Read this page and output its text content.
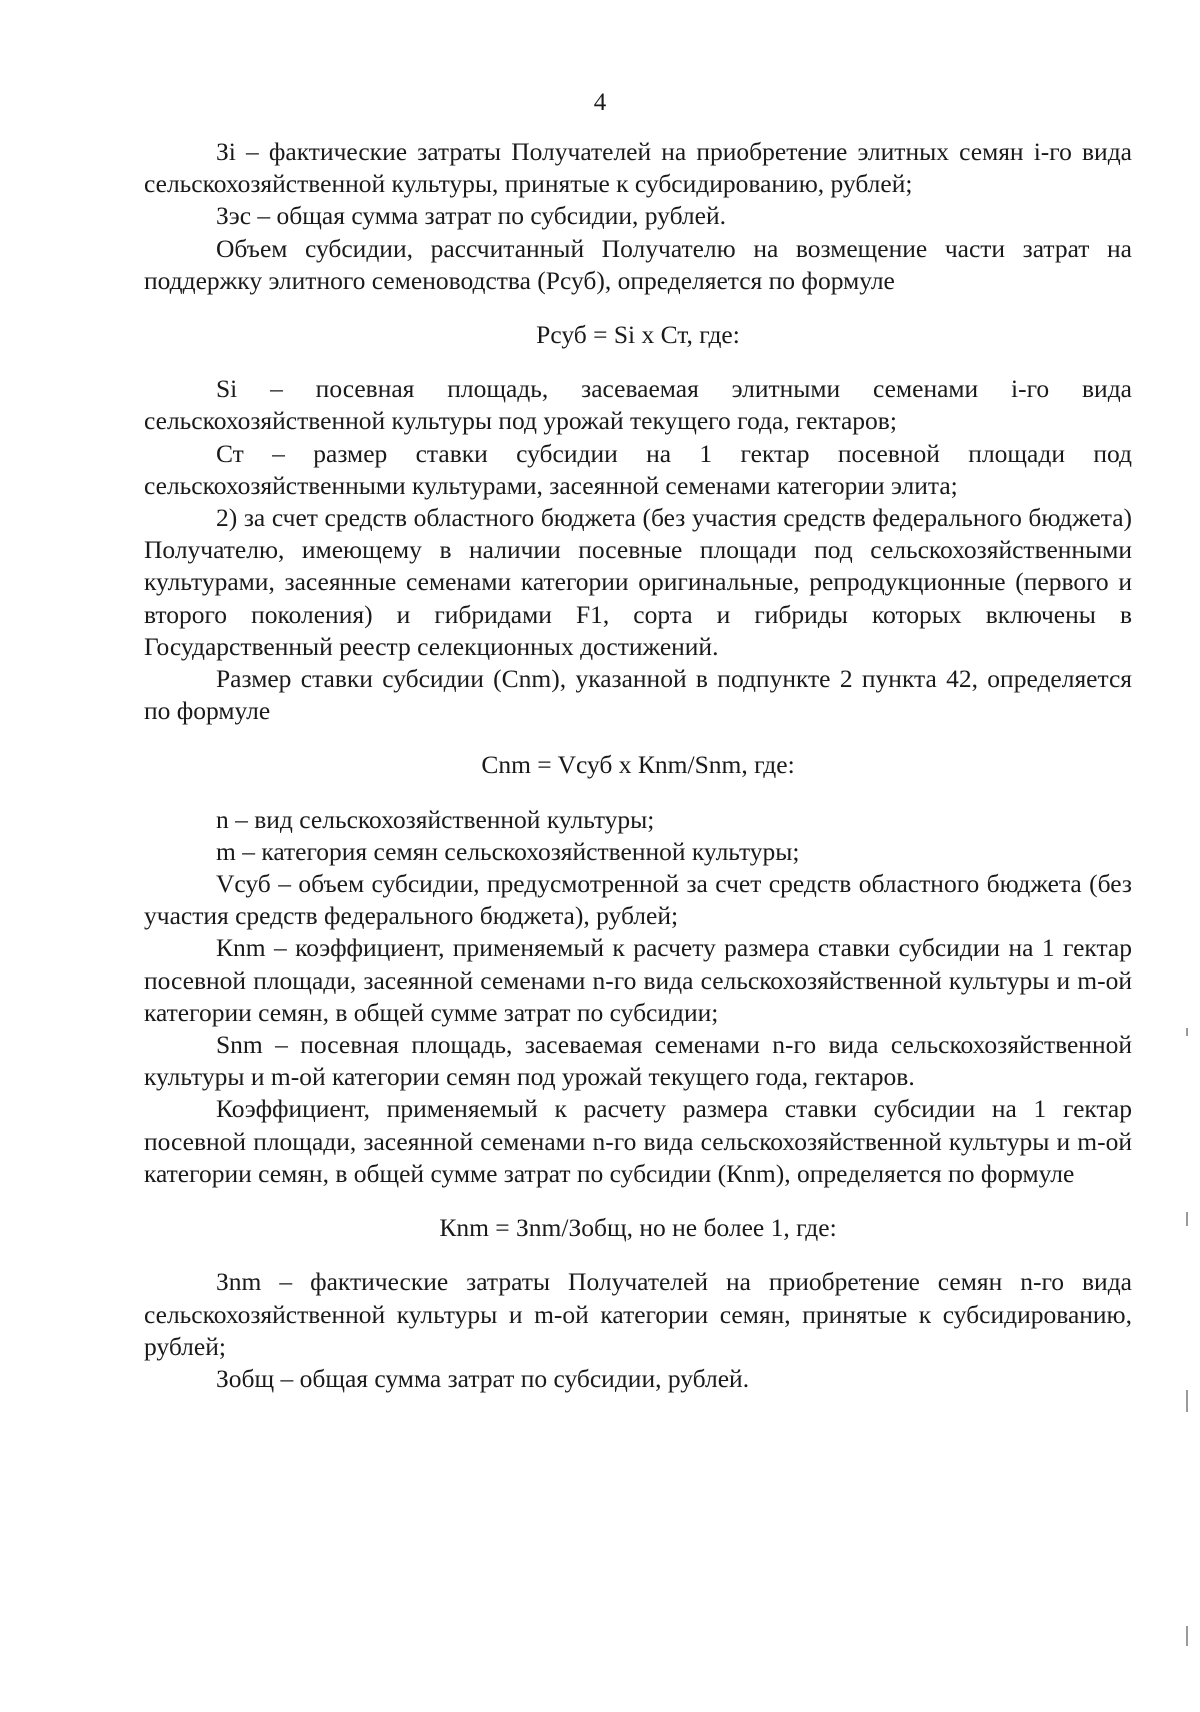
4

Зi – фактические затраты Получателей на приобретение элитных семян i-го вида сельскохозяйственной культуры, принятые к субсидированию, рублей;

Зэс – общая сумма затрат по субсидии, рублей.

Объем субсидии, рассчитанный Получателю на возмещение части затрат на поддержку элитного семеноводства (Рсуб), определяется по формуле

Рсуб = Si х Ст, где:

Si – посевная площадь, засеваемая элитными семенами i-го вида сельскохозяйственной культуры под урожай текущего года, гектаров;

Ст – размер ставки субсидии на 1 гектар посевной площади под сельскохозяйственными культурами, засеянной семенами категории элита;

2) за счет средств областного бюджета (без участия средств федерального бюджета) Получателю, имеющему в наличии посевные площади под сельскохозяйственными культурами, засеянные семенами категории оригинальные, репродукционные (первого и второго поколения) и гибридами F1, сорта и гибриды которых включены в Государственный реестр селекционных достижений.

Размер ставки субсидии (Сnm), указанной в подпункте 2 пункта 42, определяется по формуле

Сnm = Vсуб х Кnm/Snm, где:

n – вид сельскохозяйственной культуры;

m – категория семян сельскохозяйственной культуры;

Vсуб – объем субсидии, предусмотренной за счет средств областного бюджета (без участия средств федерального бюджета), рублей;

Кnm – коэффициент, применяемый к расчету размера ставки субсидии на 1 гектар посевной площади, засеянной семенами n-го вида сельскохозяйственной культуры и m-ой категории семян, в общей сумме затрат по субсидии;

Snm – посевная площадь, засеваемая семенами n-го вида сельскохозяйственной культуры и m-ой категории семян под урожай текущего года, гектаров.

Коэффициент, применяемый к расчету размера ставки субсидии на 1 гектар посевной площади, засеянной семенами n-го вида сельскохозяйственной культуры и m-ой категории семян, в общей сумме затрат по субсидии (Кnm), определяется по формуле

Кnm = Зnm/Зобщ, но не более 1, где:

Зnm – фактические затраты Получателей на приобретение семян n-го вида сельскохозяйственной культуры и m-ой категории семян, принятые к субсидированию, рублей;

Зобщ – общая сумма затрат по субсидии, рублей.
